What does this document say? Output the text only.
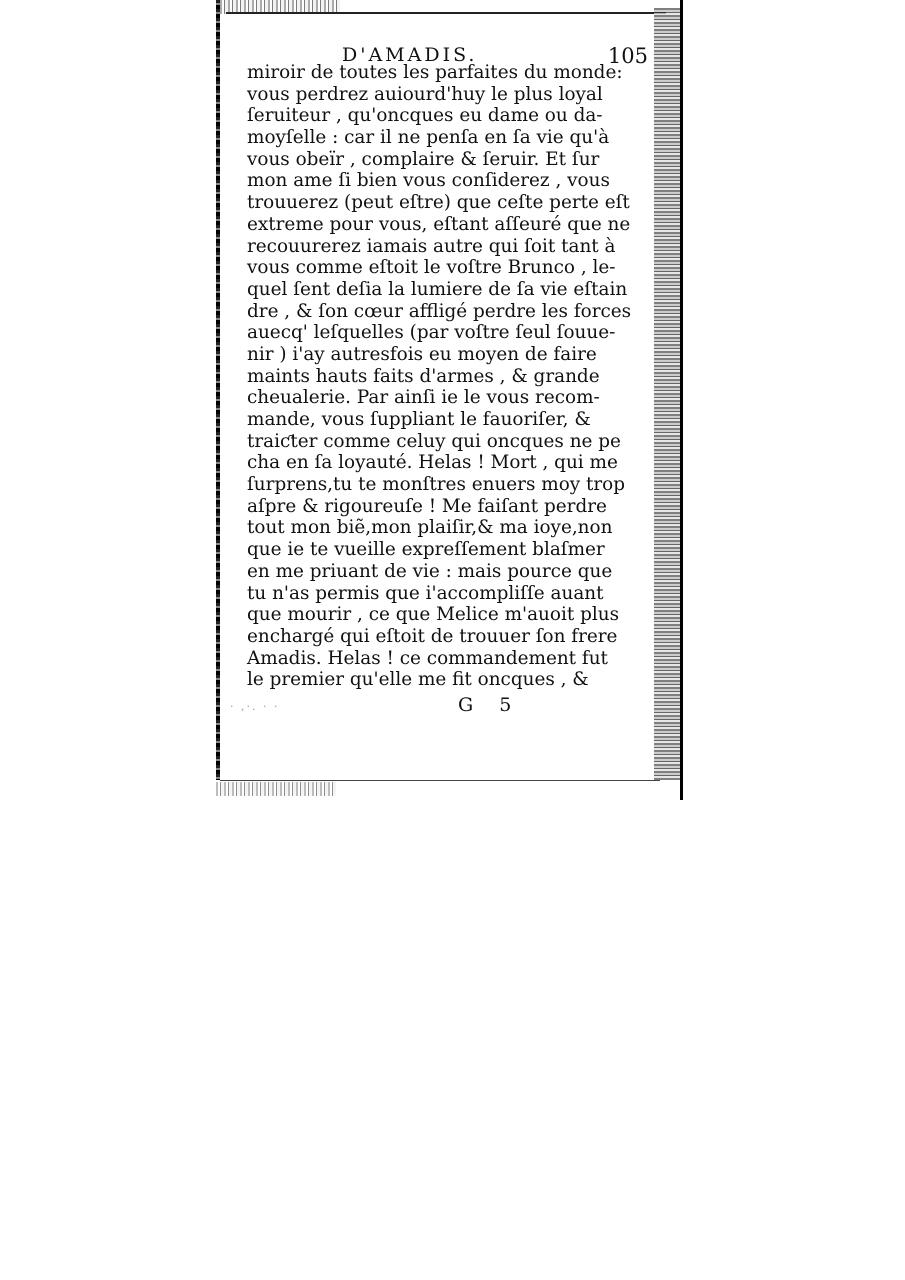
D'AMADIS.	105
miroir de toutes les parfaites du monde:
vous perdrez auiourd'huy le plus loyal
ſeruiteur , qu'oncques eu dame ou da-
moyſelle : car il ne penſa en ſa vie qu'à
vous obeïr , complaire & ſeruir. Et ſur
mon ame ſi bien vous conſiderez , vous
trouuerez (peut eſtre) que ceſte perte eſt
extreme pour vous, eſtant aſſeuré que ne
recouurerez iamais autre qui ſoit tant à
vous comme eſtoit le voſtre Brunco , le-
quel ſent deſia la lumiere de ſa vie eſtain
dre , & ſon cœur affligé perdre les forces
auecq' leſquelles (par voſtre ſeul ſouue-
nir ) i'ay autresfois eu moyen de faire
maints hauts faits d'armes , & grande
cheualerie. Par ainſi ie le vous recom-
mande, vous ſuppliant le fauoriſer, &
traiƈter comme celuy qui oncques ne pe
cha en ſa loyauté. Helas ! Mort , qui me
ſurprens,tu te monſtres enuers moy trop
aſpre & rigoureuſe ! Me faiſant perdre
tout mon biẽ,mon plaiſir,& ma ioye,non
que ie te vueille expreſſement blaſmer
en me priuant de vie : mais pource que
tu n'as permis que i'accompliſſe auant
que mourir , ce que Melice m'auoit plus
enchargé qui eſtoit de trouuer ſon frere
Amadis. Helas ! ce commandement fut
le premier qu'elle me fit oncques , &
· ,·. · ·	G 5
